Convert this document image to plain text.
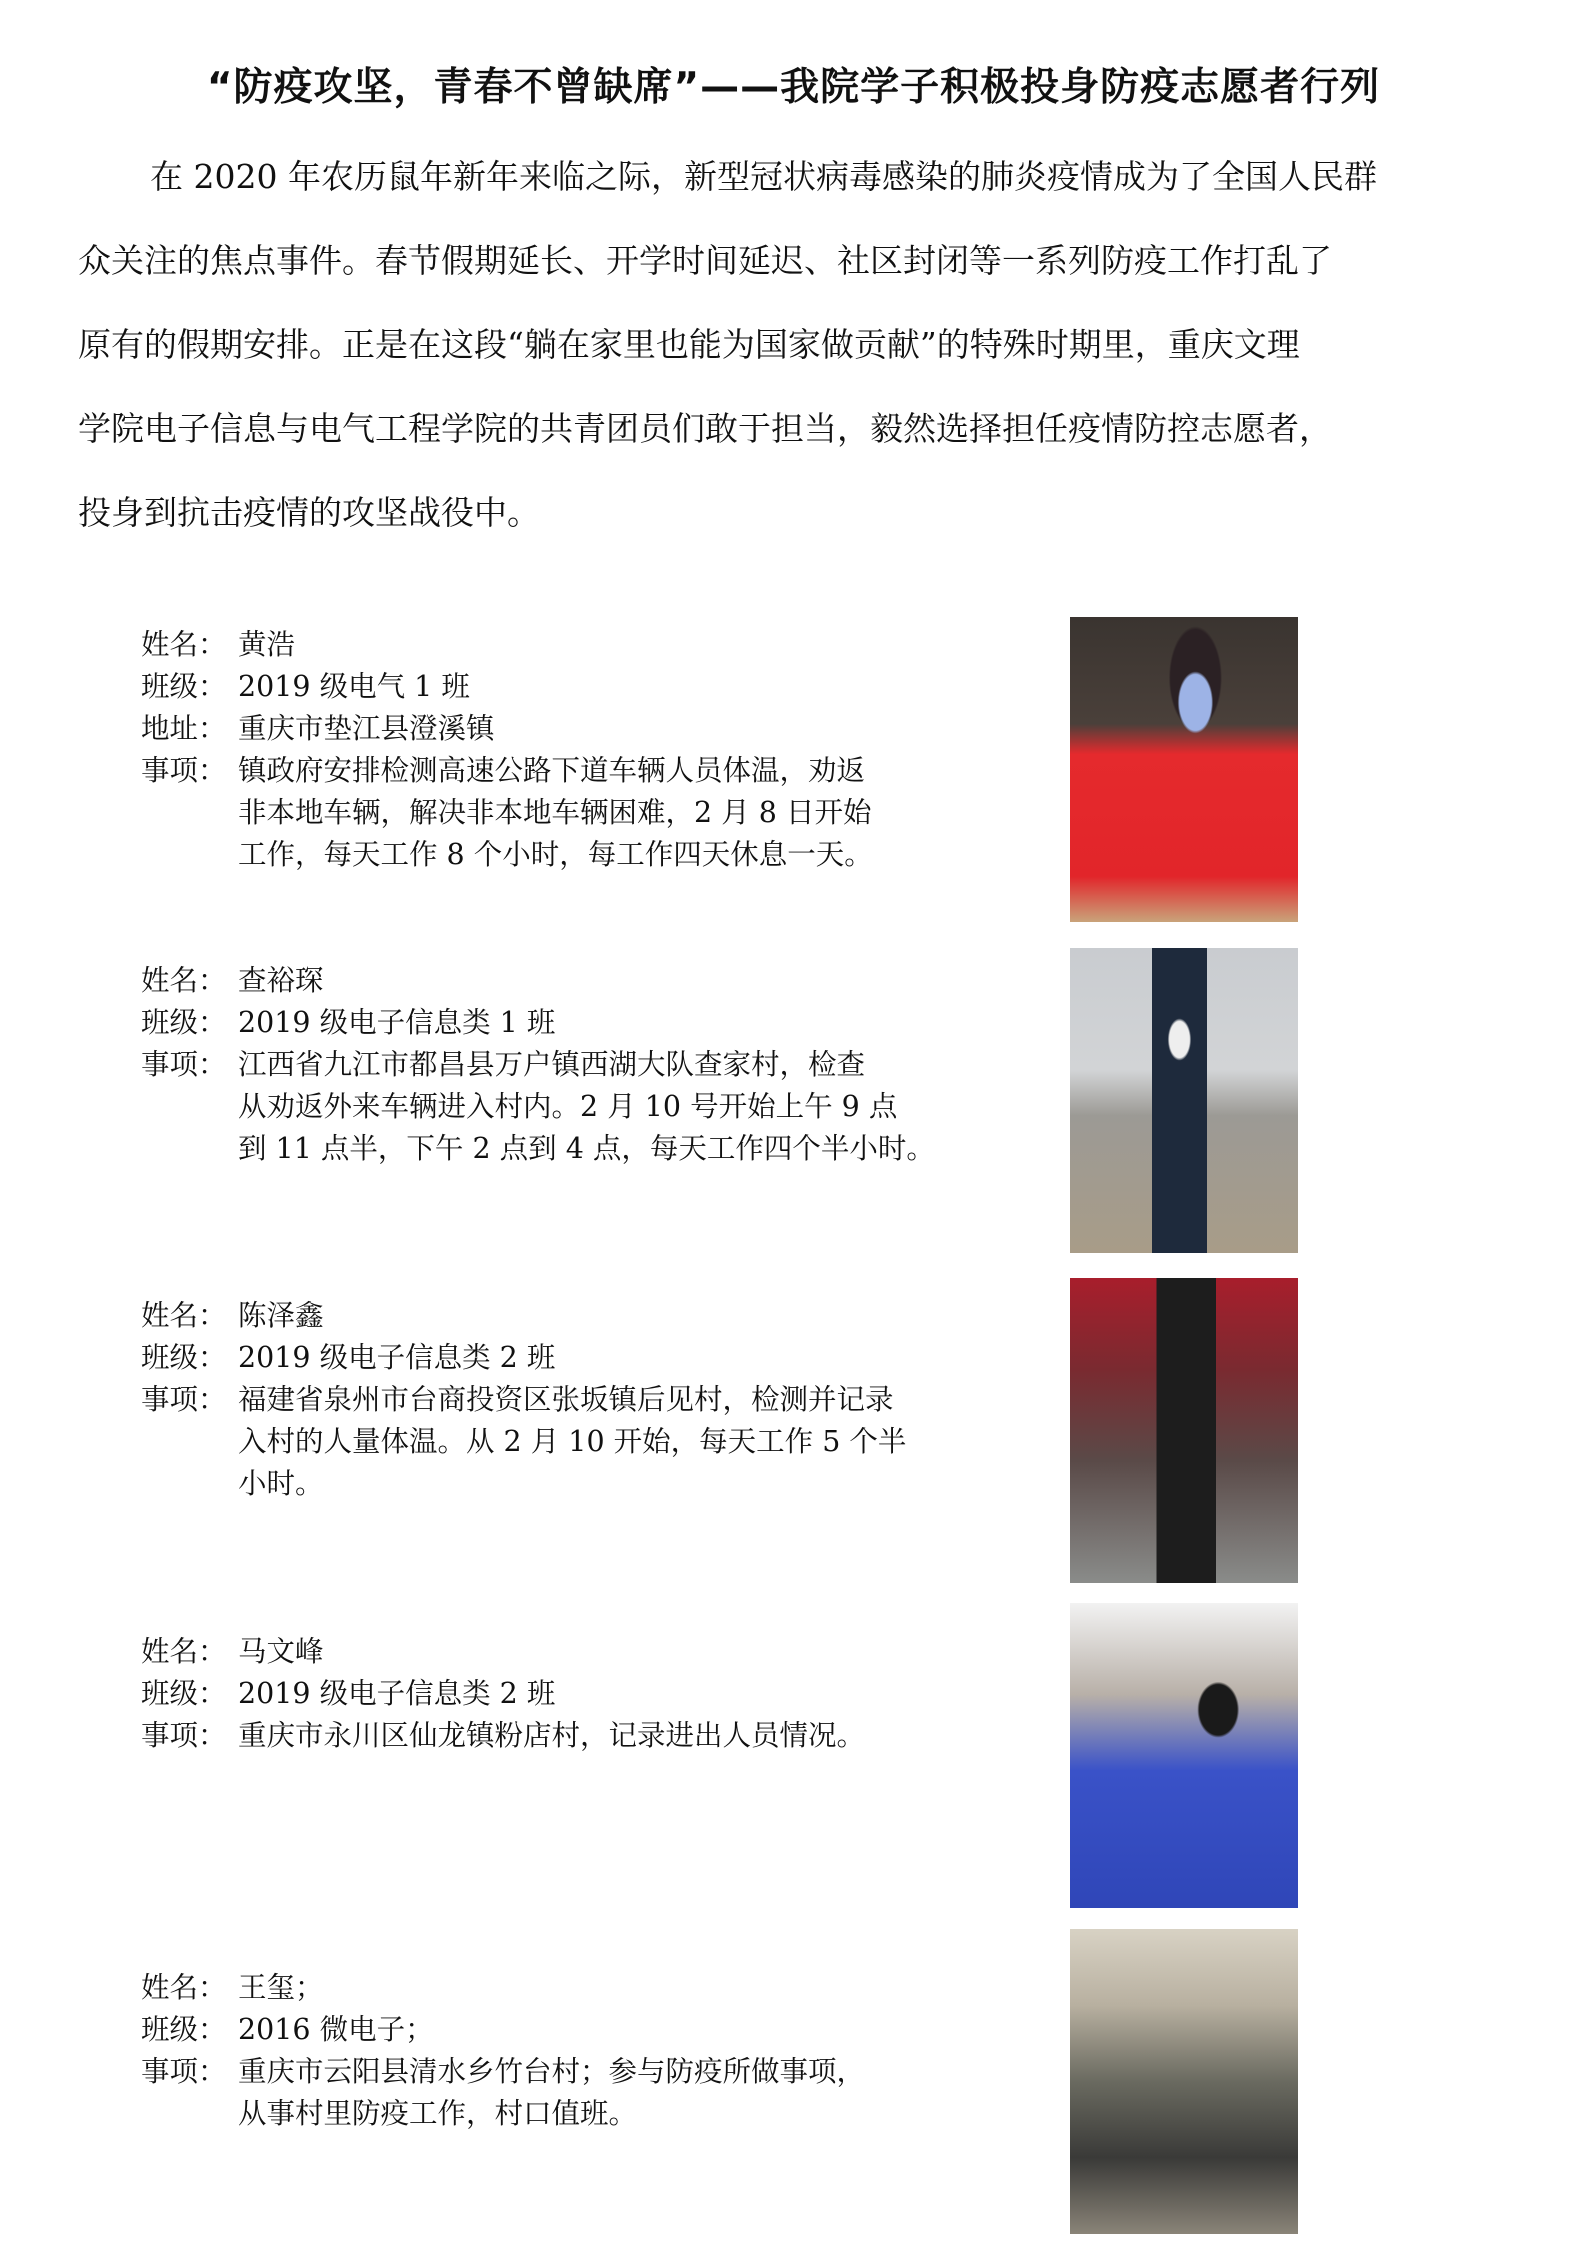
“防疫攻坚，青春不曾缺席”——我院学子积极投身防疫志愿者行列
在 2020 年农历鼠年新年来临之际，新型冠状病毒感染的肺炎疫情成为了全国人民群
众关注的焦点事件。春节假期延长、开学时间延迟、社区封闭等一系列防疫工作打乱了
原有的假期安排。正是在这段“躺在家里也能为国家做贡献”的特殊时期里，重庆文理
学院电子信息与电气工程学院的共青团员们敢于担当，毅然选择担任疫情防控志愿者，
投身到抗击疫情的攻坚战役中。
姓名： 黄浩
班级： 2019 级电气 1 班
地址： 重庆市垫江县澄溪镇
事项： 镇政府安排检测高速公路下道车辆人员体温，劝返
非本地车辆，解决非本地车辆困难，2 月 8 日开始
工作，每天工作 8 个小时，每工作四天休息一天。
姓名： 查裕琛
班级： 2019 级电子信息类 1 班
事项： 江西省九江市都昌县万户镇西湖大队查家村，检查
从劝返外来车辆进入村内。2 月 10 号开始上午 9 点
到 11 点半，下午 2 点到 4 点，每天工作四个半小时。
姓名： 陈泽鑫
班级： 2019 级电子信息类 2 班
事项： 福建省泉州市台商投资区张坂镇后见村，检测并记录
入村的人量体温。从 2 月 10 开始，每天工作 5 个半
小时。
姓名： 马文峰
班级： 2019 级电子信息类 2 班
事项： 重庆市永川区仙龙镇粉店村，记录进出人员情况。
姓名： 王玺；
班级： 2016 微电子；
事项： 重庆市云阳县清水乡竹台村；参与防疫所做事项，
从事村里防疫工作，村口值班。
